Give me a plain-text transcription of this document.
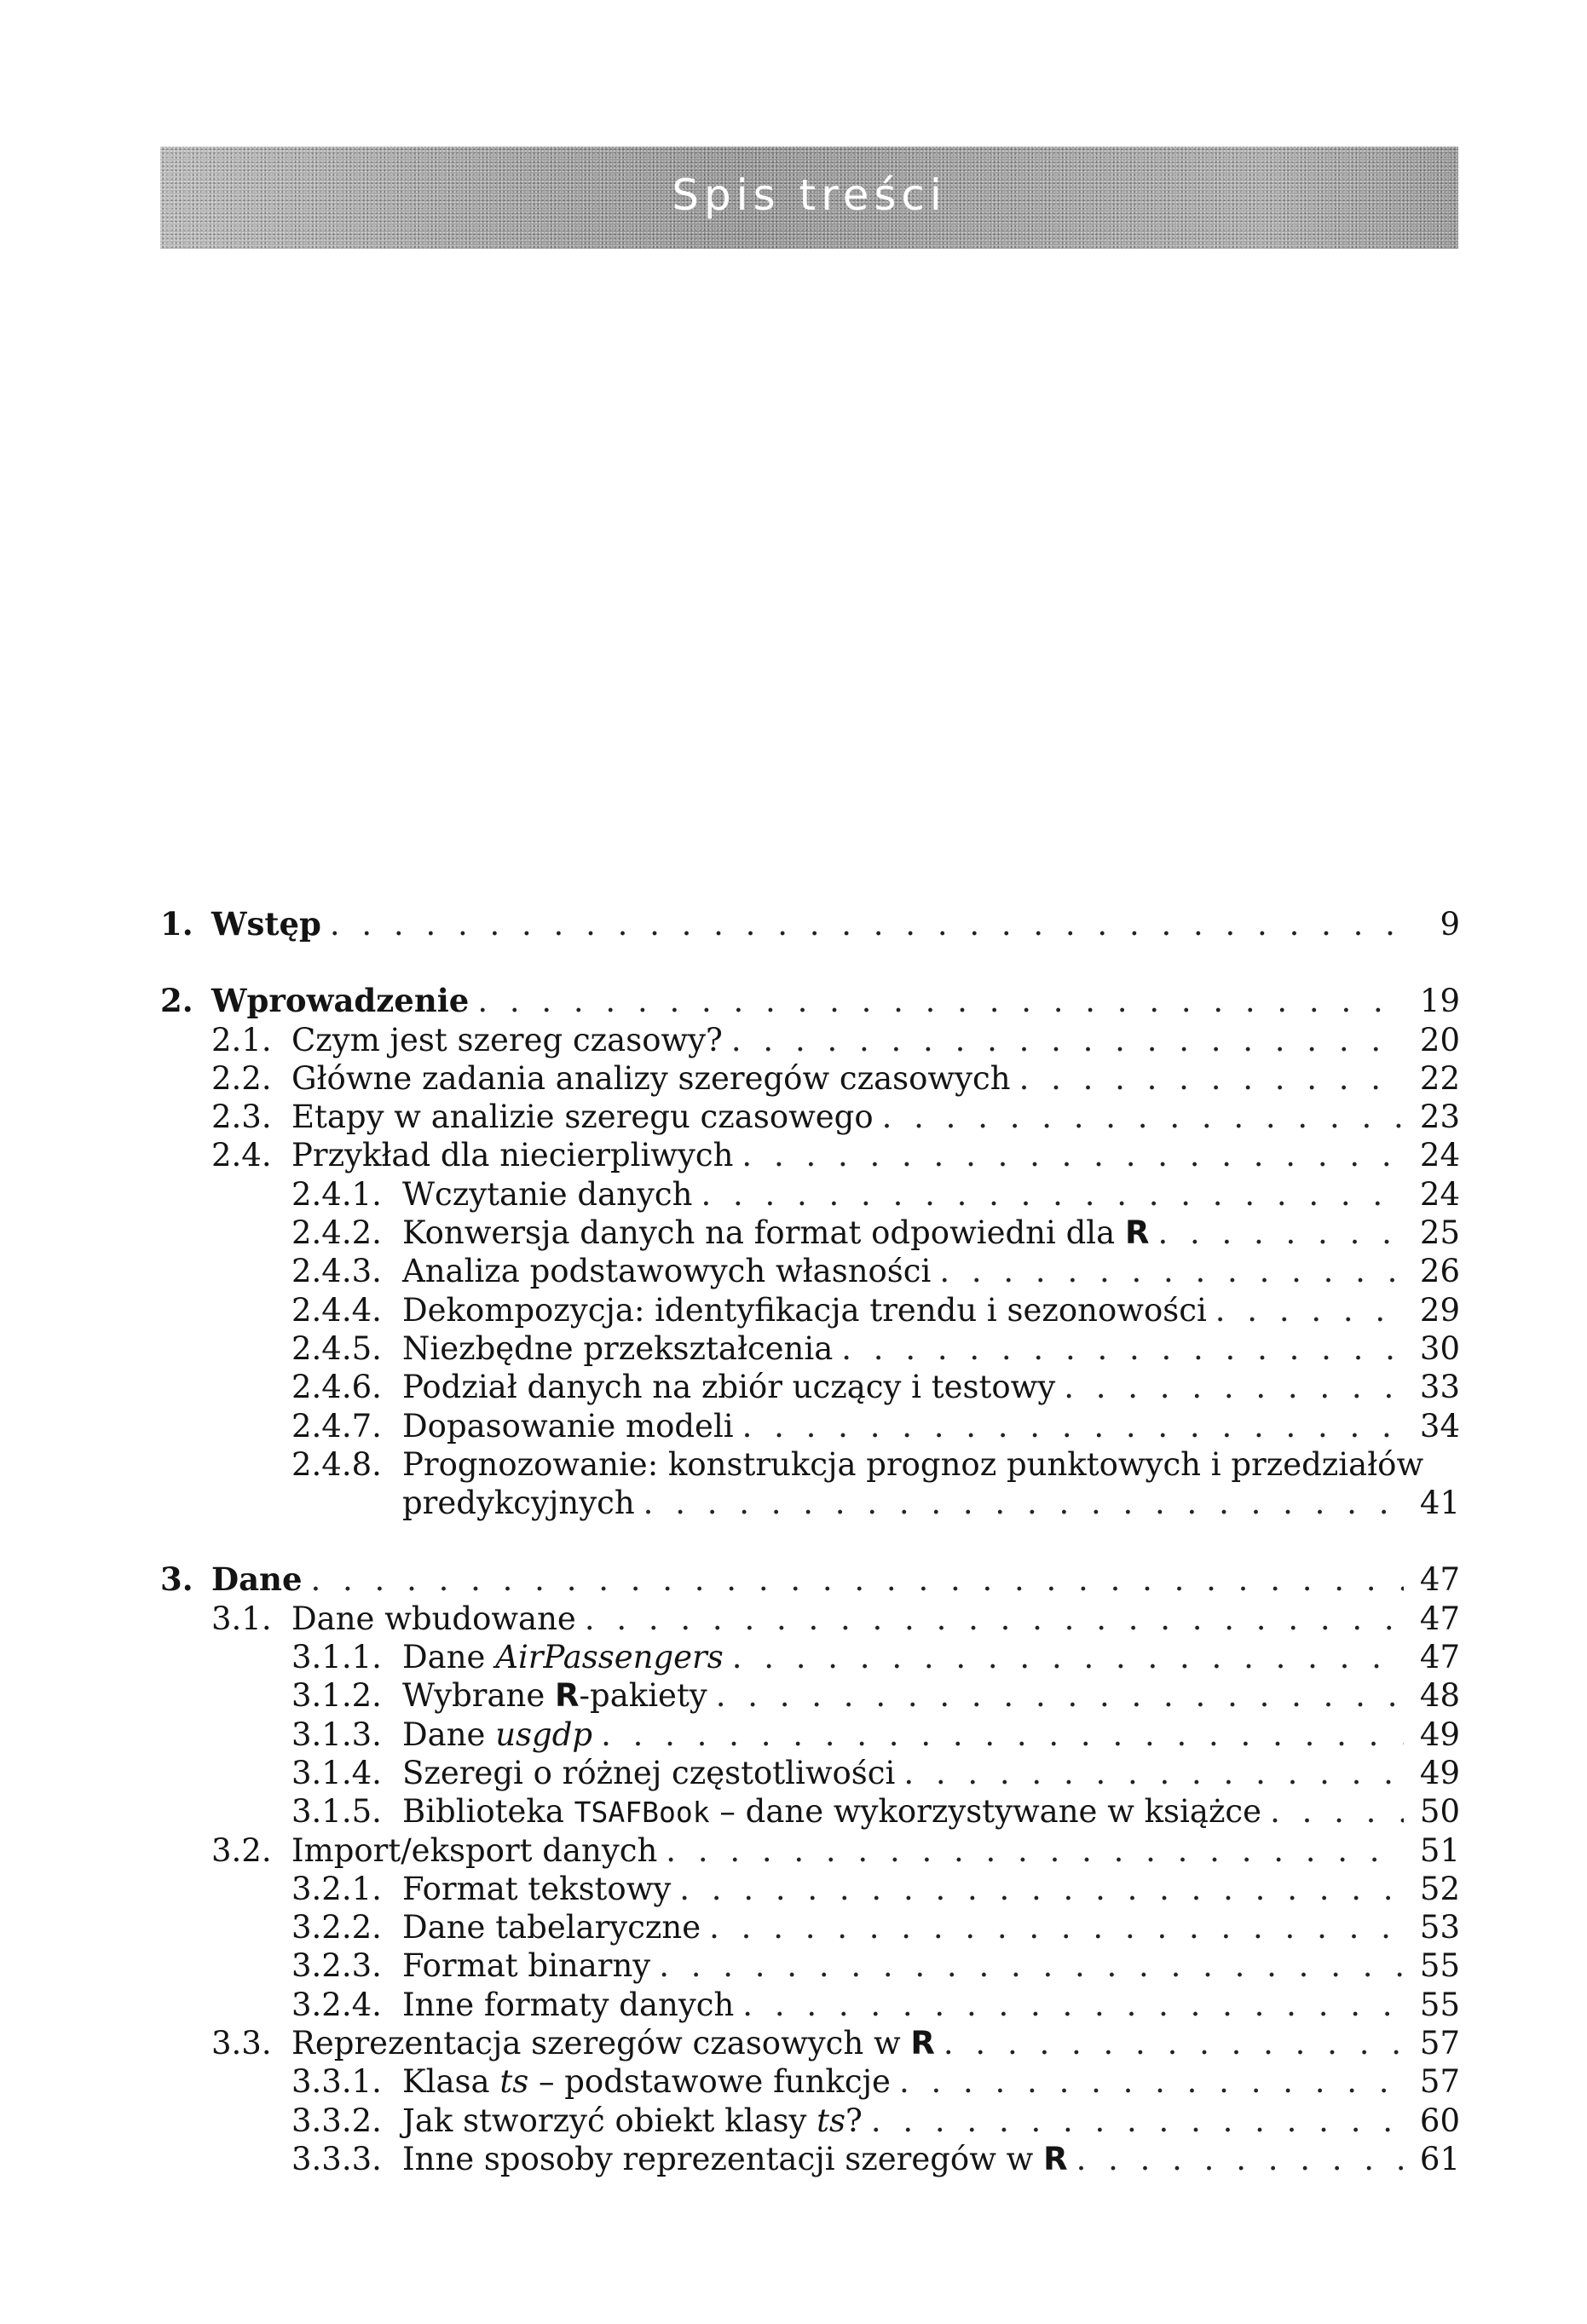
Spis treści
1. Wstęp . . .	9
2. Wprowadzenie . . .	19
2.1. Czym jest szereg czasowy? . . .	20
2.2. Główne zadania analizy szeregów czasowych . . .	22
2.3. Etapy w analizie szeregu czasowego . . .	23
2.4. Przykład dla niecierpliwych . . .	24
2.4.1. Wczytanie danych . . .	24
2.4.2. Konwersja danych na format odpowiedni dla R . . .	25
2.4.3. Analiza podstawowych własności . . .	26
2.4.4. Dekompozycja: identyfikacja trendu i sezonowości . . .	29
2.4.5. Niezbędne przekształcenia . . .	30
2.4.6. Podział danych na zbiór uczący i testowy . . .	33
2.4.7. Dopasowanie modeli . . .	34
2.4.8. Prognozowanie: konstrukcja prognoz punktowych i przedziałów
predykcyjnych . . .	41
3. Dane . . .	47
3.1. Dane wbudowane . . .	47
3.1.1. Dane AirPassengers . . .	47
3.1.2. Wybrane R-pakiety . . .	48
3.1.3. Dane usgdp . . .	49
3.1.4. Szeregi o różnej częstotliwości . . .	49
3.1.5. Biblioteka TSAFBook – dane wykorzystywane w książce . . .	50
3.2. Import/eksport danych . . .	51
3.2.1. Format tekstowy . . .	52
3.2.2. Dane tabelaryczne . . .	53
3.2.3. Format binarny . . .	55
3.2.4. Inne formaty danych . . .	55
3.3. Reprezentacja szeregów czasowych w R . . .	57
3.3.1. Klasa ts – podstawowe funkcje . . .	57
3.3.2. Jak stworzyć obiekt klasy ts? . . .	60
3.3.3. Inne sposoby reprezentacji szeregów w R . . .	61
